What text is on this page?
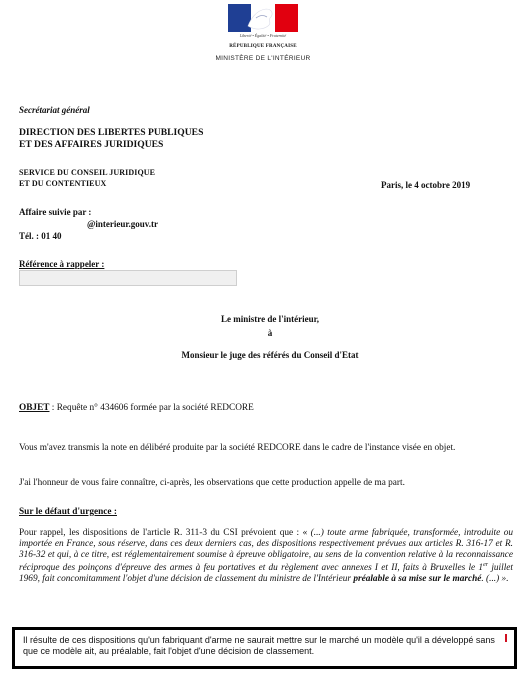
Liberté • Égalité • Fraternité
RÉPUBLIQUE FRANÇAISE
MINISTÈRE DE L'INTÉRIEUR
Secrétariat général
DIRECTION DES LIBERTES PUBLIQUES
ET DES AFFAIRES JURIDIQUES
SERVICE DU CONSEIL JURIDIQUE
ET DU CONTENTIEUX	Paris, le 4 octobre 2019
Affaire suivie par :
@interieur.gouv.tr
Tél. : 01 40
Référence à rappeler :
Le ministre de l'intérieur,
à
Monsieur le juge des référés du Conseil d'Etat
OBJET : Requête n° 434606 formée par la société REDCORE
Vous m'avez transmis la note en délibéré produite par la société REDCORE dans le cadre de l'instance visée en objet.
J'ai l'honneur de vous faire connaître, ci-après, les observations que cette production appelle de ma part.
Sur le défaut d'urgence :
Pour rappel, les dispositions de l'article R. 311-3 du CSI prévoient que : « (...) toute arme fabriquée, transformée, introduite ou importée en France, sous réserve, dans ces deux derniers cas, des dispositions respectivement prévues aux articles R. 316-17 et R. 316-32 et qui, à ce titre, est réglementairement soumise à épreuve obligatoire, au sens de la convention relative à la reconnaissance réciproque des poinçons d'épreuve des armes à feu portatives et du règlement avec annexes I et II, faits à Bruxelles le 1er juillet 1969, fait concomitamment l'objet d'une décision de classement du ministre de l'Intérieur préalable à sa mise sur le marché. (...) ».
Il résulte de ces dispositions qu'un fabriquant d'arme ne saurait mettre sur le marché un modèle qu'il a développé sans que ce modèle ait, au préalable, fait l'objet d'une décision de classement.
